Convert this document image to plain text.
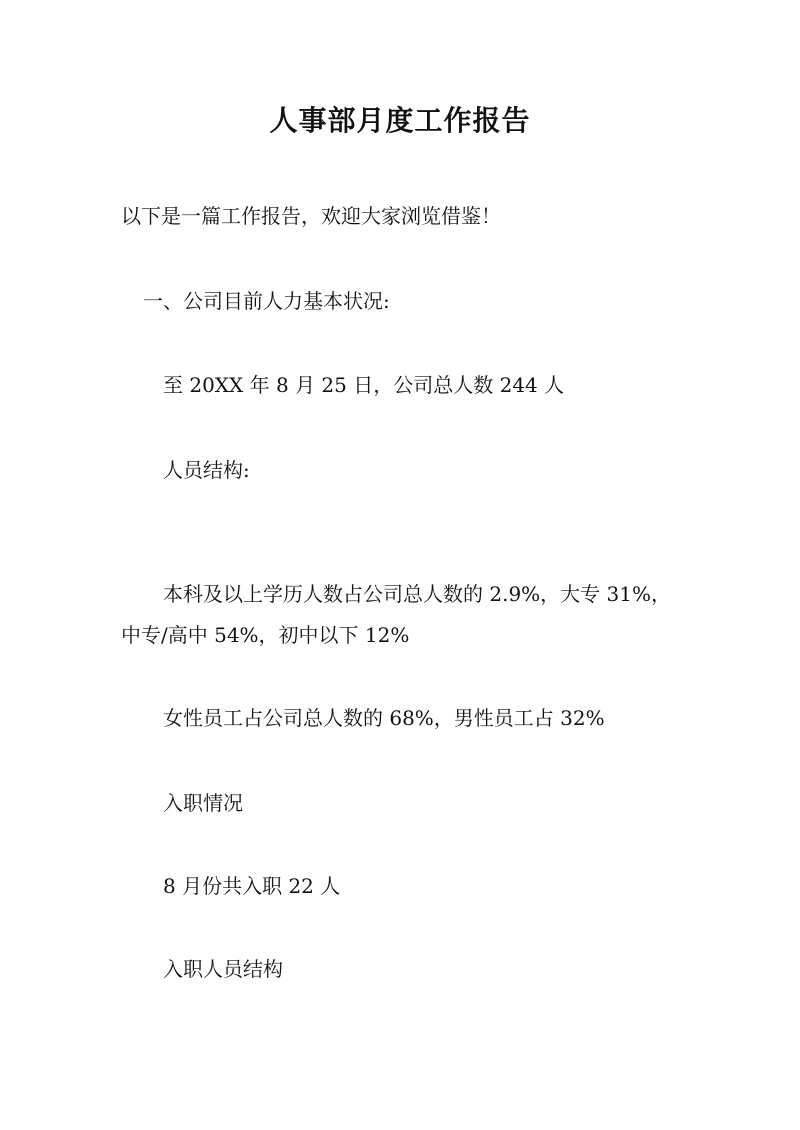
人事部月度工作报告
以下是一篇工作报告，欢迎大家浏览借鉴！
一、公司目前人力基本状况:
至 20XX 年 8 月 25 日，公司总人数 244 人
人员结构:
本科及以上学历人数占公司总人数的 2.9%，大专 31%，
中专/高中 54%，初中以下 12%
女性员工占公司总人数的 68%，男性员工占 32%
入职情况
8 月份共入职 22 人
入职人员结构
